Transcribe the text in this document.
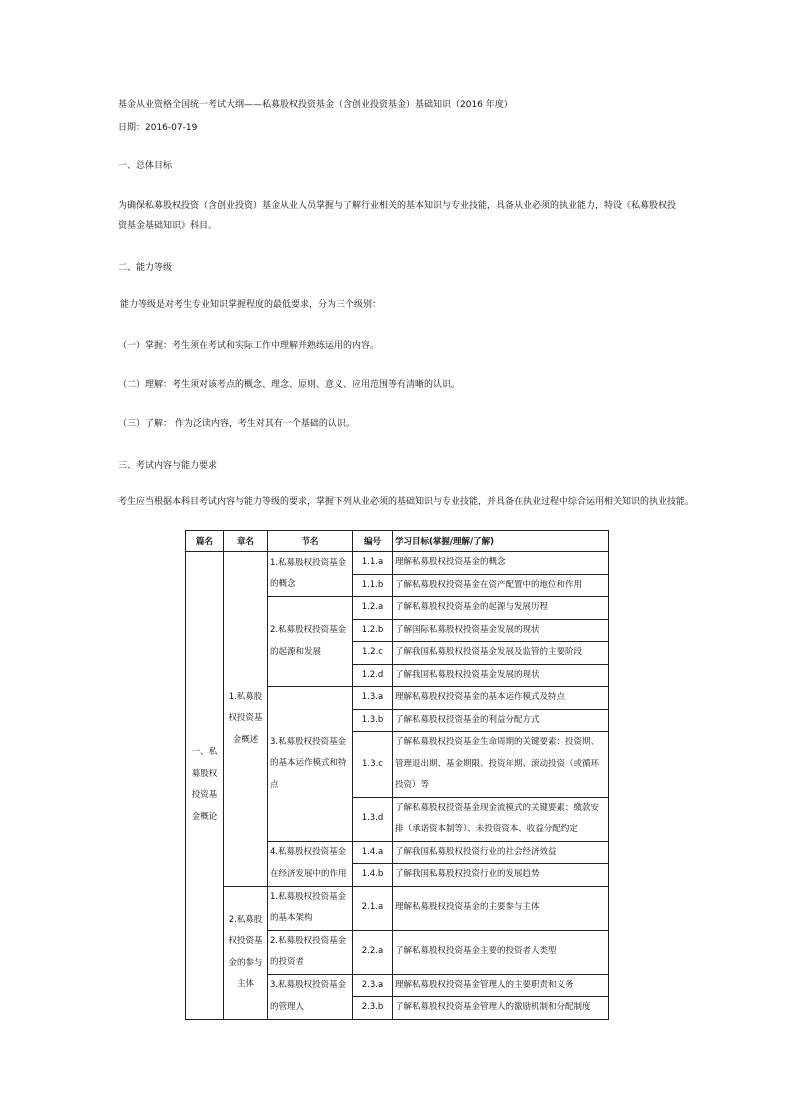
基金从业资格全国统一考试大纲——私募股权投资基金（含创业投资基金）基础知识（2016 年度）

日期：2016-07-19

一、总体目标

为确保私募股权投资（含创业投资）基金从业人员掌握与了解行业相关的基本知识与专业技能，具备从业必须的执业能力，特设《私募股权投资基金基础知识》科目。

二、能力等级

能力等级是对考生专业知识掌握程度的最低要求，分为三个级别：

（一）掌握：考生须在考试和实际工作中理解并熟练运用的内容。

（二）理解：考生须对该考点的概念、理念、原则、意义、应用范围等有清晰的认识。

（三）了解： 作为泛读内容，考生对其有一个基础的认识。

三、考试内容与能力要求

考生应当根据本科目考试内容与能力等级的要求，掌握下列从业必须的基础知识与专业技能，并具备在执业过程中综合运用相关知识的执业技能。

篇名	章名	节名	编号	学习目标(掌握/理解/了解)
一、私募股权投资基金概论	1.私募股权投资基金概述	1.私募股权投资基金的概念	1.1.a	理解私募股权投资基金的概念
			1.1.b	了解私募股权投资基金在资产配置中的地位和作用
		2.私募股权投资基金的起源和发展	1.2.a	了解私募股权投资基金的起源与发展历程
			1.2.b	了解国际私募股权投资基金发展的现状
			1.2.c	了解我国私募股权投资基金发展及监管的主要阶段
			1.2.d	了解我国私募股权投资基金发展的现状
		3.私募股权投资基金的基本运作模式和特点	1.3.a	理解私募股权投资基金的基本运作模式及特点
			1.3.b	了解私募股权投资基金的利益分配方式
			1.3.c	了解私募股权投资基金生命周期的关键要素：投资期、管理退出期、基金期限、投资年期、滚动投资（或循环投资）等
			1.3.d	了解私募股权投资基金现金流模式的关键要素：缴款安排（承诺资本制等）、未投资资本、收益分配约定
		4.私募股权投资基金在经济发展中的作用	1.4.a	了解我国私募股权投资行业的社会经济效益
			1.4.b	了解我国私募股权投资行业的发展趋势
	2.私募股权投资基金的参与主体	1.私募股权投资基金的基本架构	2.1.a	理解私募股权投资基金的主要参与主体
		2.私募股权投资基金的投资者	2.2.a	了解私募股权投资基金主要的投资者人类型
		3.私募股权投资基金的管理人	2.3.a	理解私募股权投资基金管理人的主要职责和义务
			2.3.b	了解私募股权投资基金管理人的激励机制和分配制度
